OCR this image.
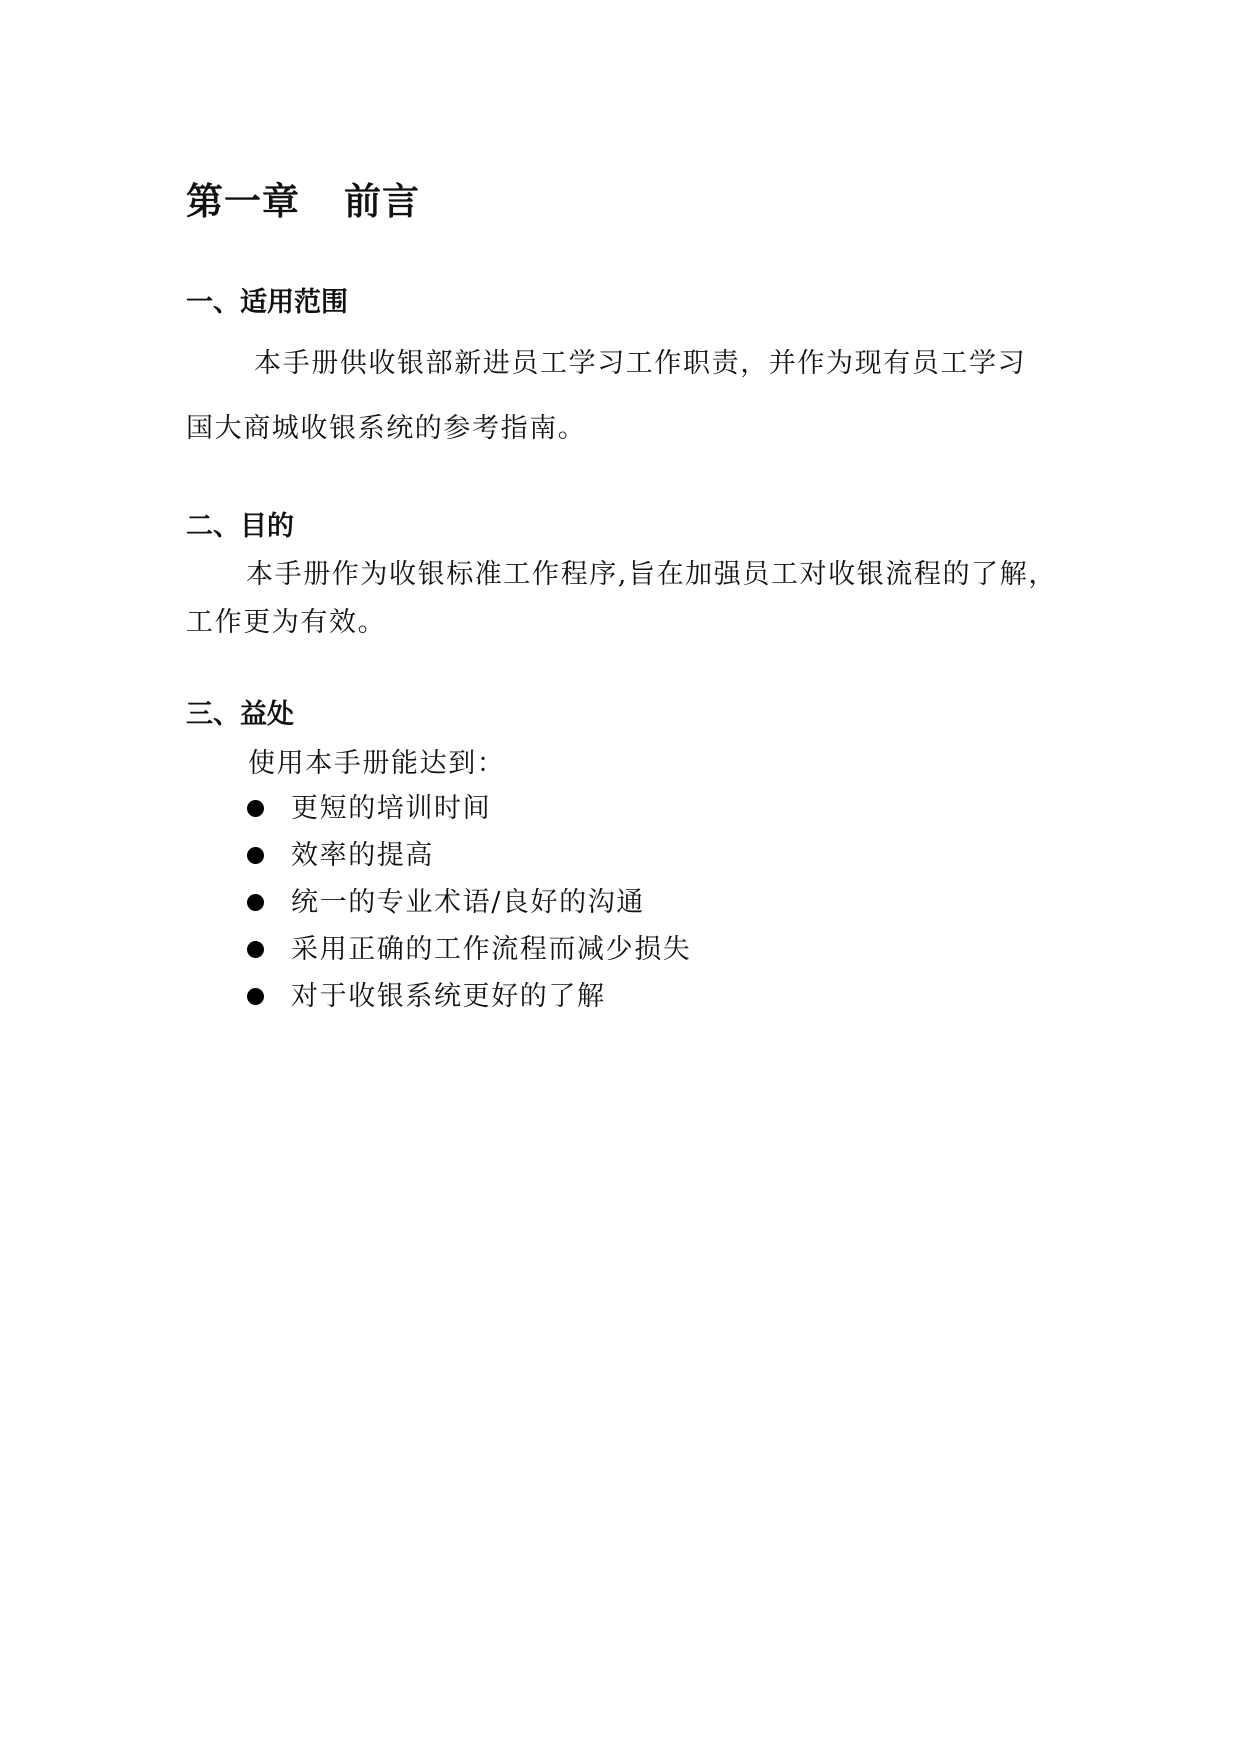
第一章 前言
一、适用范围

本手册供收银部新进员工学习工作职责，并作为现有员工学习

国大商城收银系统的参考指南。

二、目的

本手册作为收银标准工作程序,旨在加强员工对收银流程的了解，

工作更为有效。

三、益处

使用本手册能达到：

更短的培训时间
效率的提高
统一的专业术语/良好的沟通
采用正确的工作流程而减少损失
对于收银系统更好的了解
